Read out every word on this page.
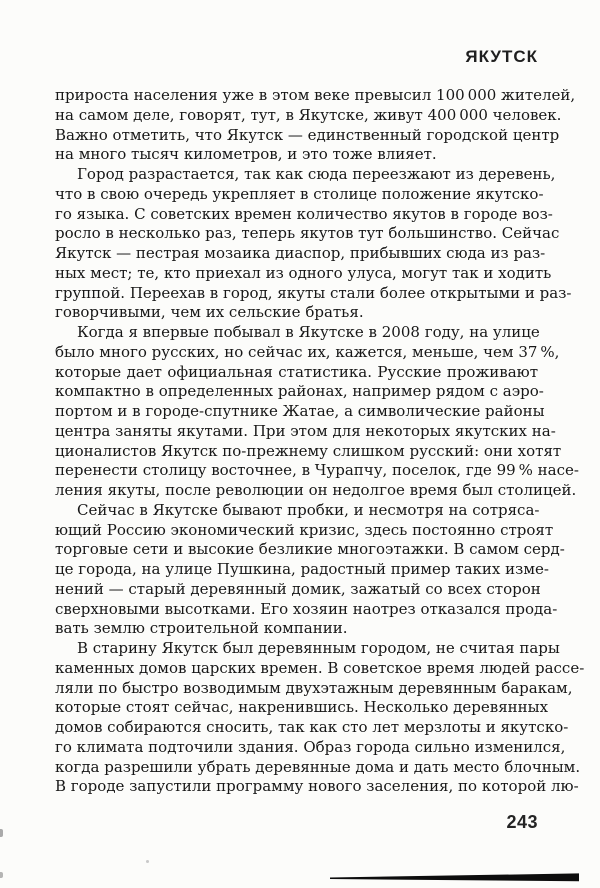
ЯКУТСК
прироста населения уже в этом веке превысил 100 000 жителей,
на самом деле, говорят, тут, в Якутске, живут 400 000 человек.
Важно отметить, что Якутск — единственный городской центр
на много тысяч километров, и это тоже влияет.
Город разрастается, так как сюда переезжают из деревень,
что в свою очередь укрепляет в столице положение якутско-
го языка. С советских времен количество якутов в городе воз-
росло в несколько раз, теперь якутов тут большинство. Сейчас
Якутск — пестрая мозаика диаспор, прибывших сюда из раз-
ных мест; те, кто приехал из одного улуса, могут так и ходить
группой. Переехав в город, якуты стали более открытыми и раз-
говорчивыми, чем их сельские братья.
Когда я впервые побывал в Якутске в 2008 году, на улице
было много русских, но сейчас их, кажется, меньше, чем 37 %,
которые дает официальная статистика. Русские проживают
компактно в определенных районах, например рядом с аэро-
портом и в городе-спутнике Жатае, а символические районы
центра заняты якутами. При этом для некоторых якутских на-
ционалистов Якутск по-прежнему слишком русский: они хотят
перенести столицу восточнее, в Чурапчу, поселок, где 99 % насе-
ления якуты, после революции он недолгое время был столицей.
Сейчас в Якутске бывают пробки, и несмотря на сотряса-
ющий Россию экономический кризис, здесь постоянно строят
торговые сети и высокие безликие многоэтажки. В самом серд-
це города, на улице Пушкина, радостный пример таких изме-
нений — старый деревянный домик, зажатый со всех сторон
сверхновыми высотками. Его хозяин наотрез отказался прода-
вать землю строительной компании.
В старину Якутск был деревянным городом, не считая пары
каменных домов царских времен. В советское время людей рассе-
ляли по быстро возводимым двухэтажным деревянным баракам,
которые стоят сейчас, накренившись. Несколько деревянных
домов собираются сносить, так как сто лет мерзлоты и якутско-
го климата подточили здания. Образ города сильно изменился,
когда разрешили убрать деревянные дома и дать место блочным.
В городе запустили программу нового заселения, по которой лю-
243
